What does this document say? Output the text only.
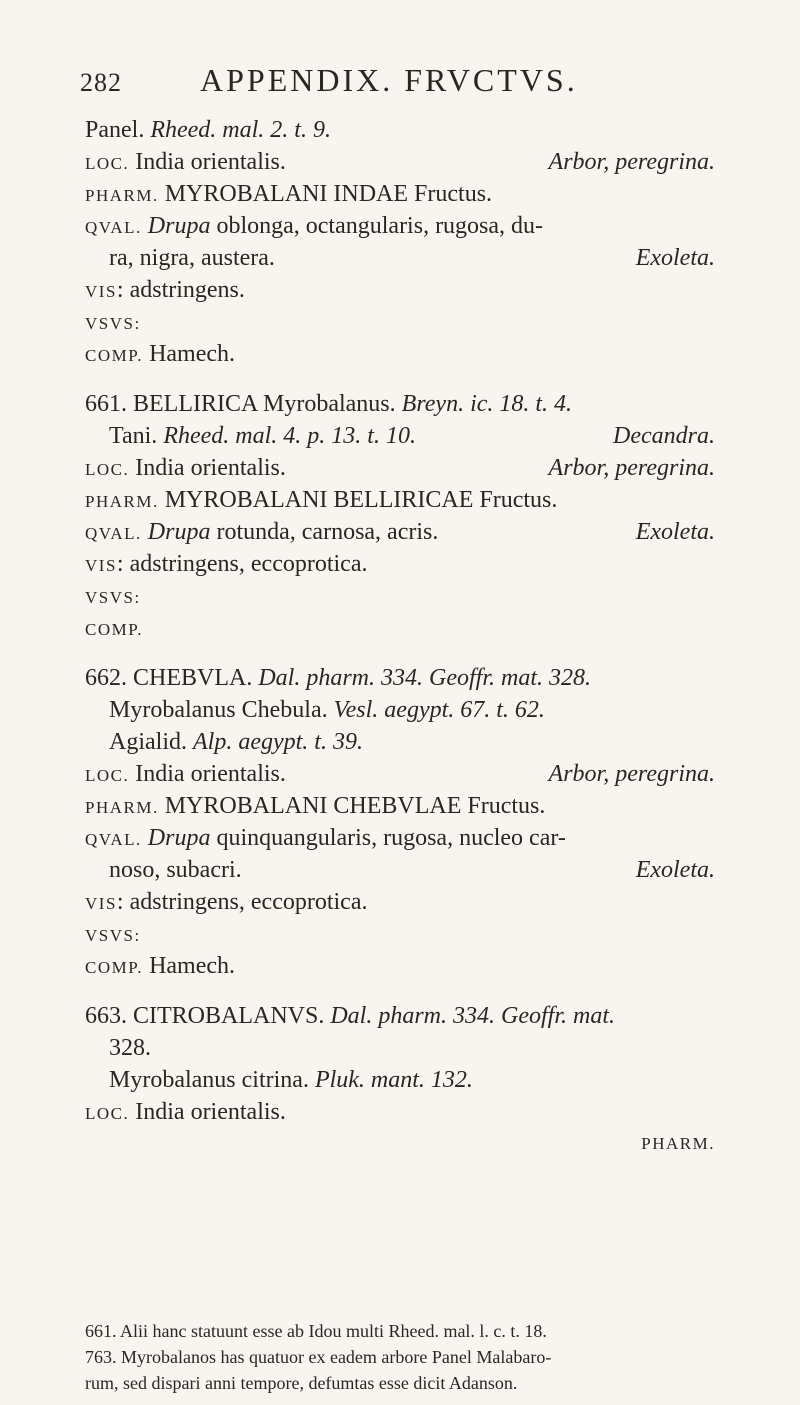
282 APPENDIX. FRVCTVS.
Panel. Rheed. mal. 2. t. 9.
LOC. India orientalis.	Arbor, peregrina.
PHARM. MYROBALANI INDAE Fructus.
QVAL. Drupa oblonga, octangularis, rugosa, du-
ra, nigra, austera.	Exoleta.
VIS: adstringens.
VSVS:
COMP. Hamech.
661. BELLIRICA Myrobalanus. Breyn. ic. 18. t. 4.
Tani. Rheed. mal. 4. p. 13. t. 10.	Decandra.
LOC. India orientalis.	Arbor, peregrina.
PHARM. MYROBALANI BELLIRICAE Fructus.
QVAL. Drupa rotunda, carnosa, acris.	Exoleta.
VIS: adstringens, eccoprotica.
VSVS:
COMP.
662. CHEBVLA. Dal. pharm. 334. Geoffr. mat. 328.
Myrobalanus Chebula. Vesl. aegypt. 67. t. 62.
Agialid. Alp. aegypt. t. 39.
LOC. India orientalis.	Arbor, peregrina.
PHARM. MYROBALANI CHEBVLAE Fructus.
QVAL. Drupa quinquangularis, rugosa, nucleo car-
noso, subacri.	Exoleta.
VIS: adstringens, eccoprotica.
VSVS:
COMP. Hamech.
663. CITROBALANVS. Dal. pharm. 334. Geoffr. mat.
328.
Myrobalanus citrina. Pluk. mant. 132.
LOC. India orientalis.
PHARM.
661. Alii hanc statuunt esse ab Idou multi Rheed. mal. l. c. t. 18.
763. Myrobalanos has quatuor ex eadem arbore Panel Malabaro-
rum, sed dispari anni tempore, defumtas esse dicit Adanson.
